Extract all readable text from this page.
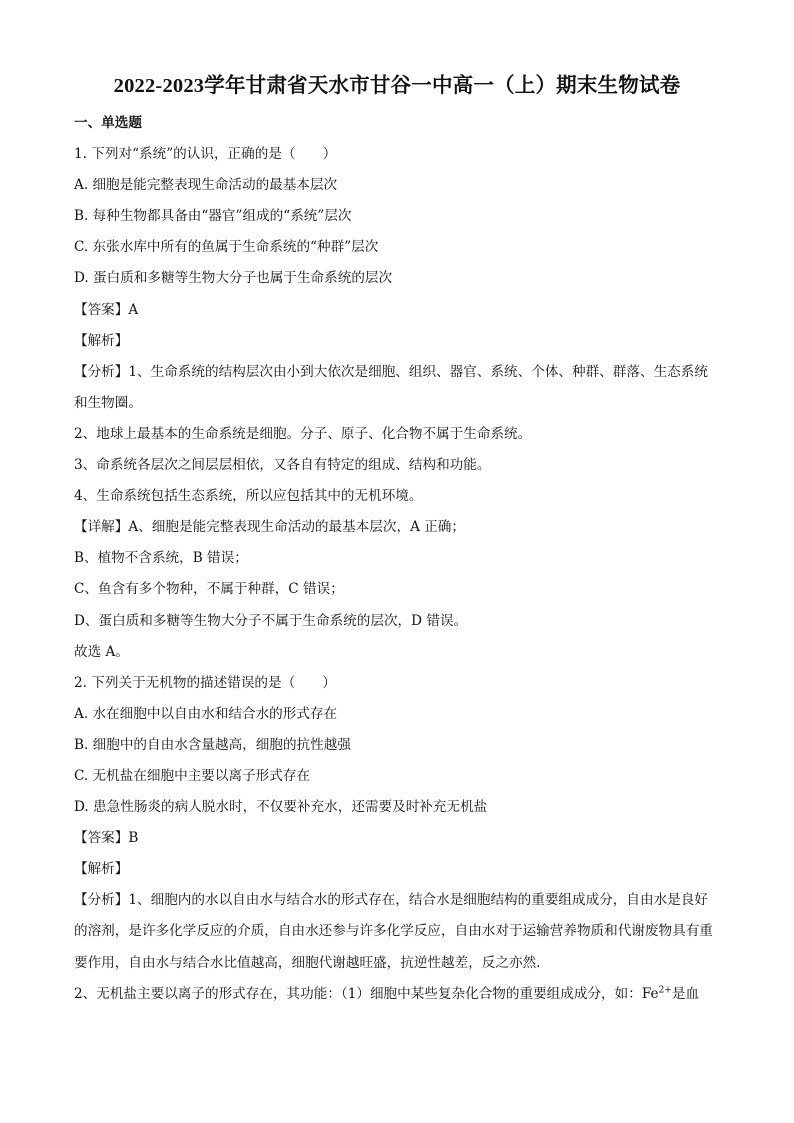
2022-2023学年甘肃省天水市甘谷一中高一（上）期末生物试卷
一、单选题
1. 下列对“系统”的认识，正确的是（　　）
A. 细胞是能完整表现生命活动的最基本层次
B. 每种生物都具备由“器官”组成的“系统”层次
C. 东张水库中所有的鱼属于生命系统的“种群”层次
D. 蛋白质和多糖等生物大分子也属于生命系统的层次
【答案】A
【解析】
【分析】1、生命系统的结构层次由小到大依次是细胞、组织、器官、系统、个体、种群、群落、生态系统和生物圈。
2、地球上最基本的生命系统是细胞。分子、原子、化合物不属于生命系统。
3、命系统各层次之间层层相依，又各自有特定的组成、结构和功能。
4、生命系统包括生态系统，所以应包括其中的无机环境。
【详解】A、细胞是能完整表现生命活动的最基本层次，A 正确；
B、植物不含系统，B 错误；
C、鱼含有多个物种，不属于种群，C 错误；
D、蛋白质和多糖等生物大分子不属于生命系统的层次，D 错误。
故选 A。
2. 下列关于无机物的描述错误的是（　　）
A. 水在细胞中以自由水和结合水的形式存在
B. 细胞中的自由水含量越高，细胞的抗性越强
C. 无机盐在细胞中主要以离子形式存在
D. 患急性肠炎的病人脱水时，不仅要补充水，还需要及时补充无机盐
【答案】B
【解析】
【分析】1、细胞内的水以自由水与结合水的形式存在，结合水是细胞结构的重要组成成分，自由水是良好的溶剂，是许多化学反应的介质，自由水还参与许多化学反应，自由水对于运输营养物质和代谢废物具有重要作用，自由水与结合水比值越高，细胞代谢越旺盛，抗逆性越差，反之亦然.
2、无机盐主要以离子的形式存在，其功能：（1）细胞中某些复杂化合物的重要组成成分，如：$Fe^{2+}$是血
